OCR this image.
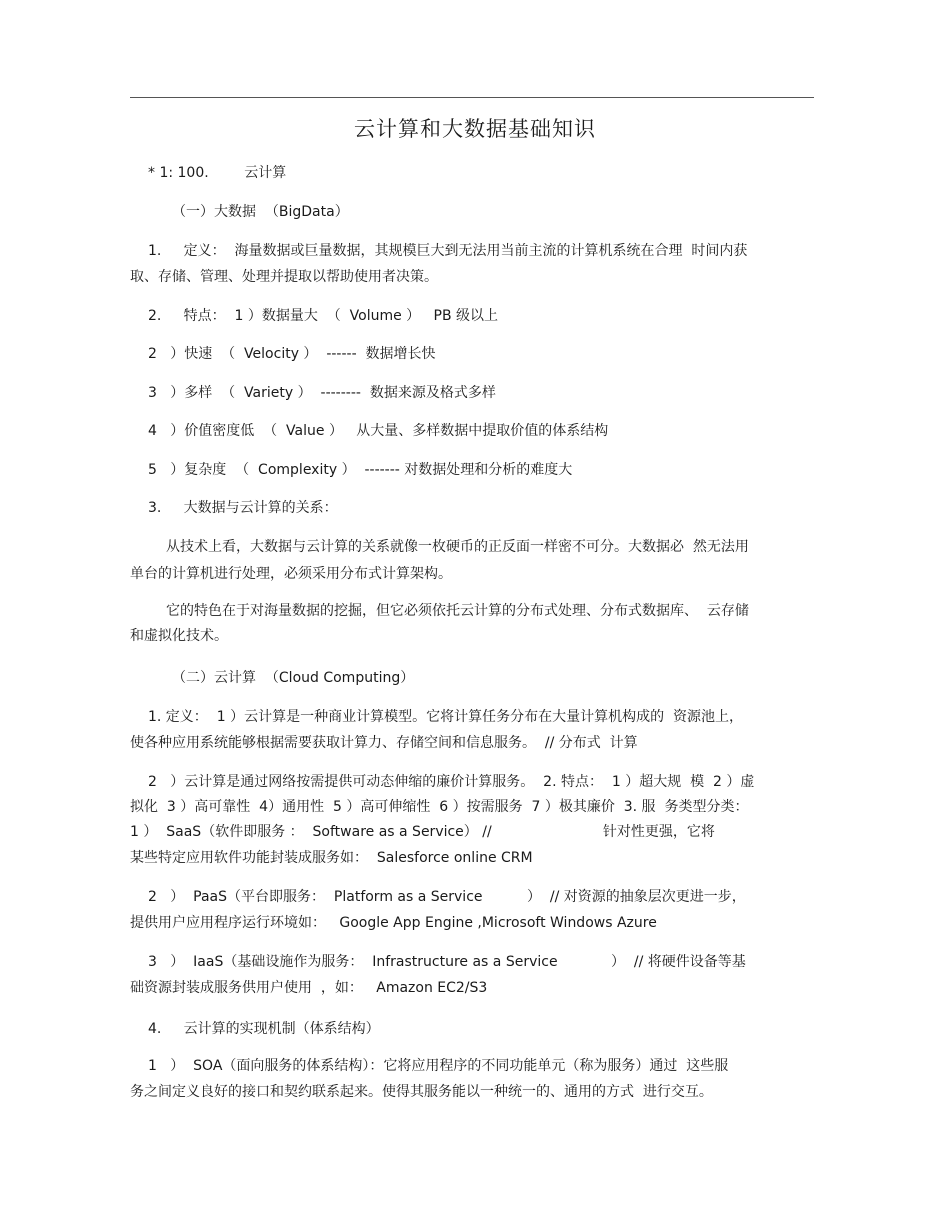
云计算和大数据基础知识
* 1: 100.        云计算
（一）大数据  （BigData）
1.     定义：  海量数据或巨量数据，其规模巨大到无法用当前主流的计算机系统在合理  时间内获
取、存储、管理、处理并提取以帮助使用者决策。
2.     特点：  1 ）数据量大  （  Volume ）   PB 级以上
2   ）快速  （  Velocity ）  ------  数据增长快
3   ）多样  （  Variety ）  --------  数据来源及格式多样
4   ）价值密度低  （  Value ）   从大量、多样数据中提取价值的体系结构
5   ）复杂度  （  Complexity ）  ------- 对数据处理和分析的难度大
3.     大数据与云计算的关系：
从技术上看，大数据与云计算的关系就像一枚硬币的正反面一样密不可分。大数据必  然无法用
单台的计算机进行处理，必须采用分布式计算架构。
它的特色在于对海量数据的挖掘，但它必须依托云计算的分布式处理、分布式数据库、  云存储
和虚拟化技术。
（二）云计算  （Cloud Computing）
1. 定义：  1 ）云计算是一种商业计算模型。它将计算任务分布在大量计算机构成的  资源池上，
使各种应用系统能够根据需要获取计算力、存储空间和信息服务。  // 分布式  计算
2   ）云计算是通过网络按需提供可动态伸缩的廉价计算服务。  2. 特点：  1 ）超大规  模  2 ）虚
拟化  3 ）高可靠性  4）通用性  5 ）高可伸缩性  6 ）按需服务  7 ）极其廉价  3. 服  务类型分类：
1 ）  SaaS（软件即服务 ：  Software as a Service） //                         针对性更强，它将
某些特定应用软件功能封装成服务如：  Salesforce online CRM
2   ）  PaaS（平台即服务：  Platform as a Service          ）  // 对资源的抽象层次更进一步，
提供用户应用程序运行环境如：   Google App Engine ,Microsoft Windows Azure
3   ）  IaaS（基础设施作为服务：  Infrastructure as a Service            ）  // 将硬件设备等基
础资源封装成服务供用户使用  ，如：   Amazon EC2/S3
4.     云计算的实现机制（体系结构）
1   ）  SOA（面向服务的体系结构）：它将应用程序的不同功能单元（称为服务）通过  这些服
务之间定义良好的接口和契约联系起来。使得其服务能以一种统一的、通用的方式  进行交互。
